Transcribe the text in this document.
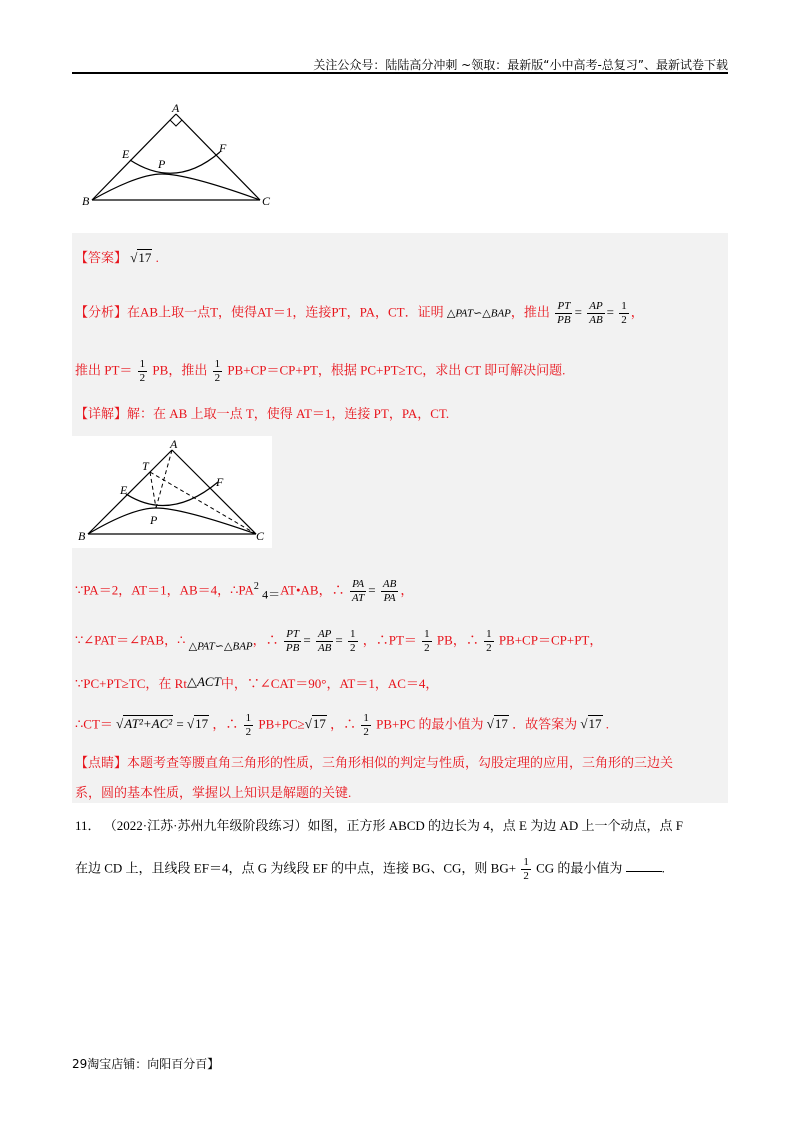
关注公众号：陆陆高分冲刺 ~领取：最新版“小中高考-总复习”、最新试卷下载
A
B	C
E	F
P
【答案】 √17 .
【分析】在AB上取一点T，使得AT＝1，连接PT，PA，CT．证明 △PAT∽△BAP，推出 $\frac{PT}{PB} = \frac{AP}{AB} = \frac{1}{2}$ ，
推出 $PT= \frac{1}{2}$ PB，推出 $\frac{1}{2} PB+CP=CP+PT$，根据 PC+PT≥TC，求出 CT 即可解决问题.
【详解】解：在 AB 上取一点 T，使得 AT＝1，连接 PT，PA，CT.
A
B	C
E
F
P
T
∵PA＝2，AT＝1，AB＝4，$\therefore PA^2$ 4＝AT•AB，∴ $\frac{PA}{AT} = \frac{AB}{PA}$ ，
∵∠PAT＝∠PAB，∴ $_{\triangle PAT∽\triangle BAP}$，∴ $\frac{PT}{PB} = \frac{AP}{AB} = \frac{1}{2}$ ，∴PT＝ $\frac{1}{2}$ PB，∴ $\frac{1}{2} PB+CP=CP+PT$，
∵PC+PT≥TC，在 Rt△ACT中，∵∠CAT＝90°，AT＝1，AC＝4，
∴CT＝ √AT²+AC² = √17 ，∴ $\frac{1}{2} PB+PC\ge√17$ ，∴ $\frac{1}{2} PB+PC$ 的最小值为 √17 ．故答案为 √17 .
【点睛】本题考查等腰直角三角形的性质，三角形相似的判定与性质，勾股定理的应用，三角形的三边关
系，圆的基本性质，掌握以上知识是解题的关键.
11． （2022·江苏·苏州九年级阶段练习）如图，正方形 ABCD 的边长为 4，点 E 为边 AD 上一个动点，点 F
在边 CD 上，且线段 EF＝4，点 G 为线段 EF 的中点，连接 BG、CG，则 $BG+ \frac{1}{2}$ CG 的最小值为	.
29淘宝店铺：向阳百分百】
